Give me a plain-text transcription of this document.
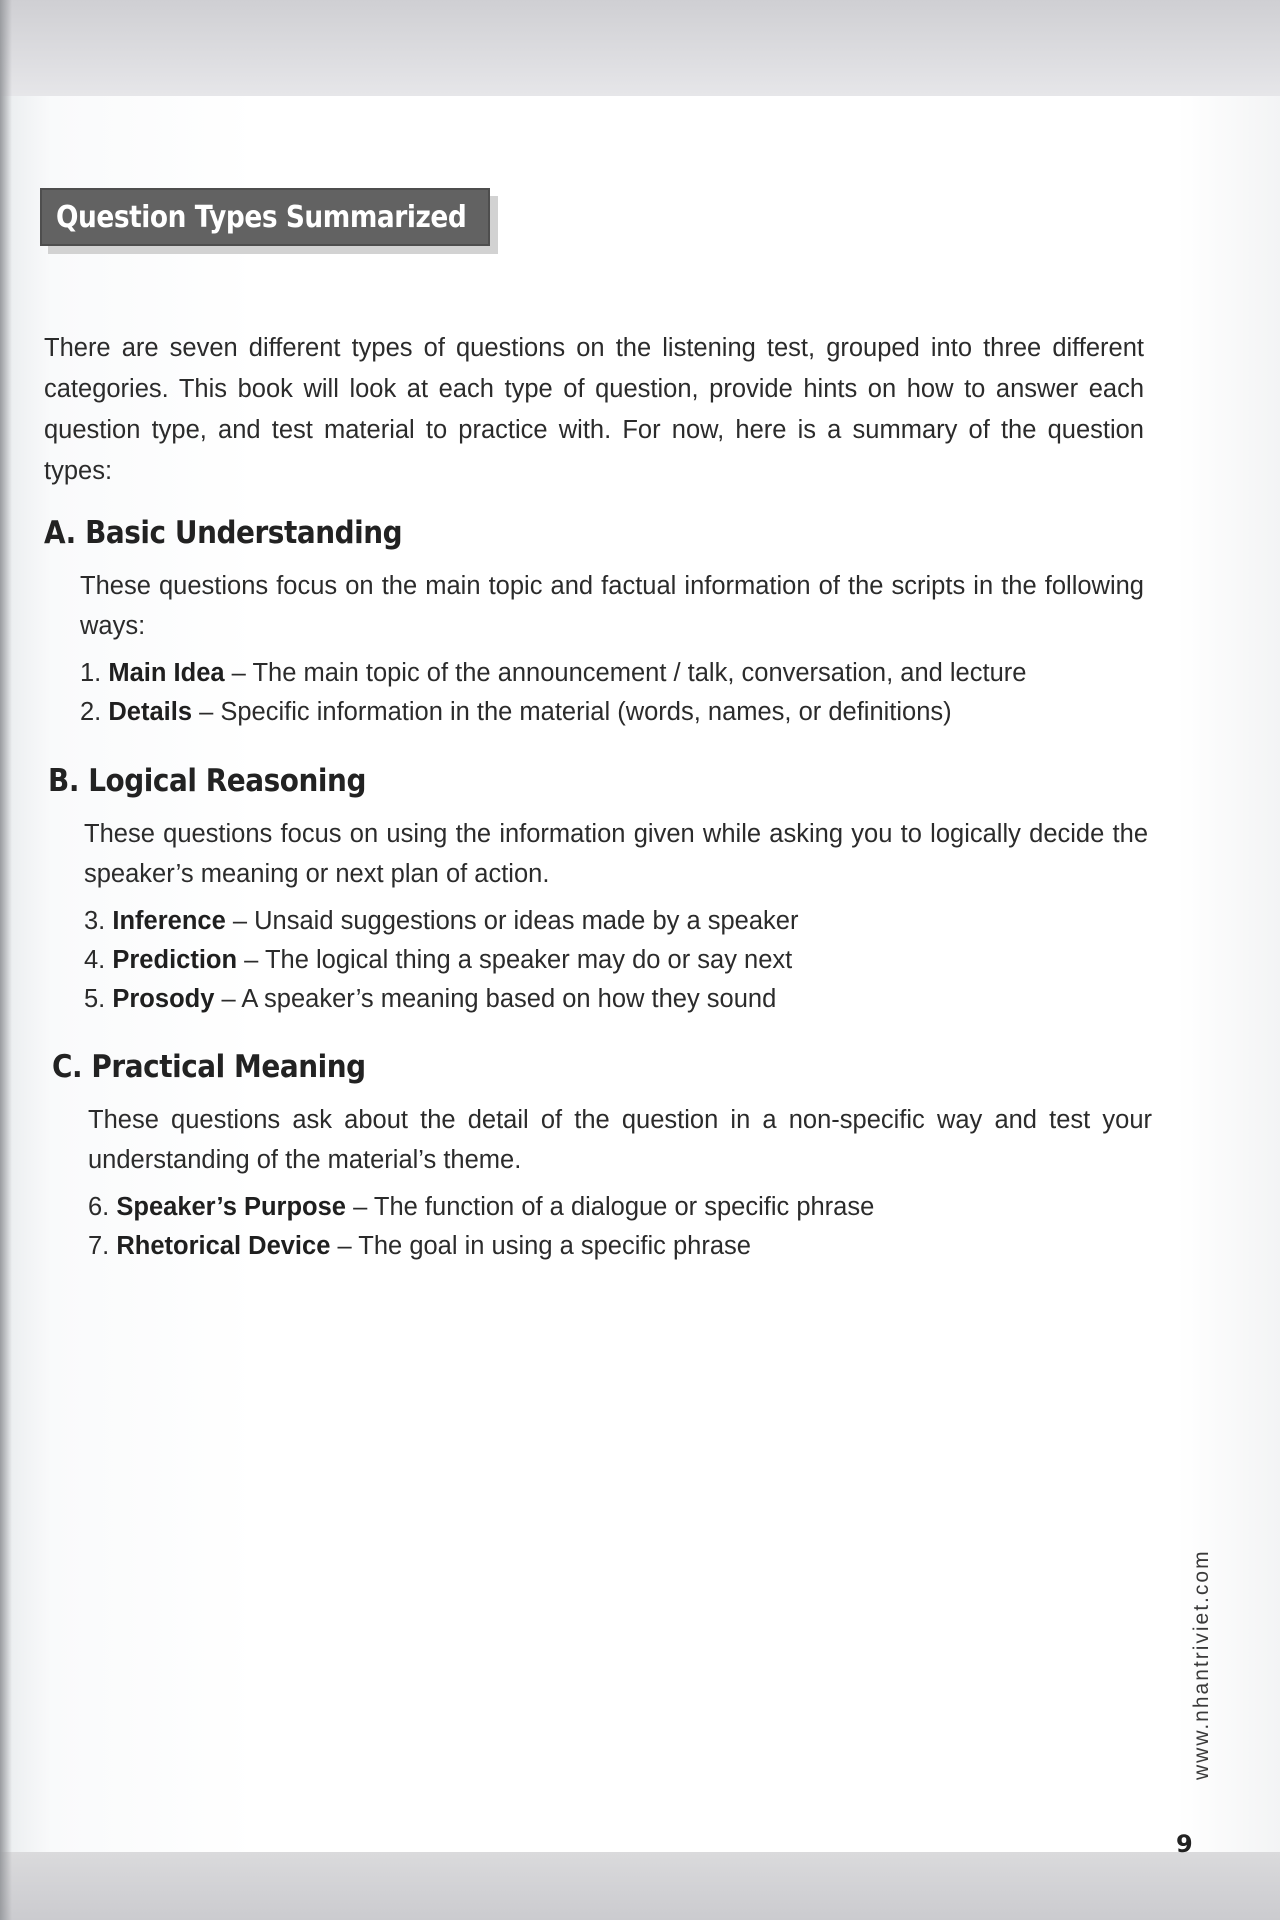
Question Types Summarized

There are seven different types of questions on the listening test, grouped into three different categories. This book will look at each type of question, provide hints on how to answer each question type, and test material to practice with. For now, here is a summary of the question types:

A. Basic Understanding
These questions focus on the main topic and factual information of the scripts in the following ways:
1. Main Idea – The main topic of the announcement / talk, conversation, and lecture
2. Details – Specific information in the material (words, names, or definitions)
B. Logical Reasoning
These questions focus on using the information given while asking you to logically decide the speaker’s meaning or next plan of action.
3. Inference – Unsaid suggestions or ideas made by a speaker
4. Prediction – The logical thing a speaker may do or say next
5. Prosody – A speaker’s meaning based on how they sound
C. Practical Meaning
These questions ask about the detail of the question in a non-specific way and test your understanding of the material’s theme.
6. Speaker’s Purpose – The function of a dialogue or specific phrase
7. Rhetorical Device – The goal in using a specific phrase
www.nhantriviet.com
9
